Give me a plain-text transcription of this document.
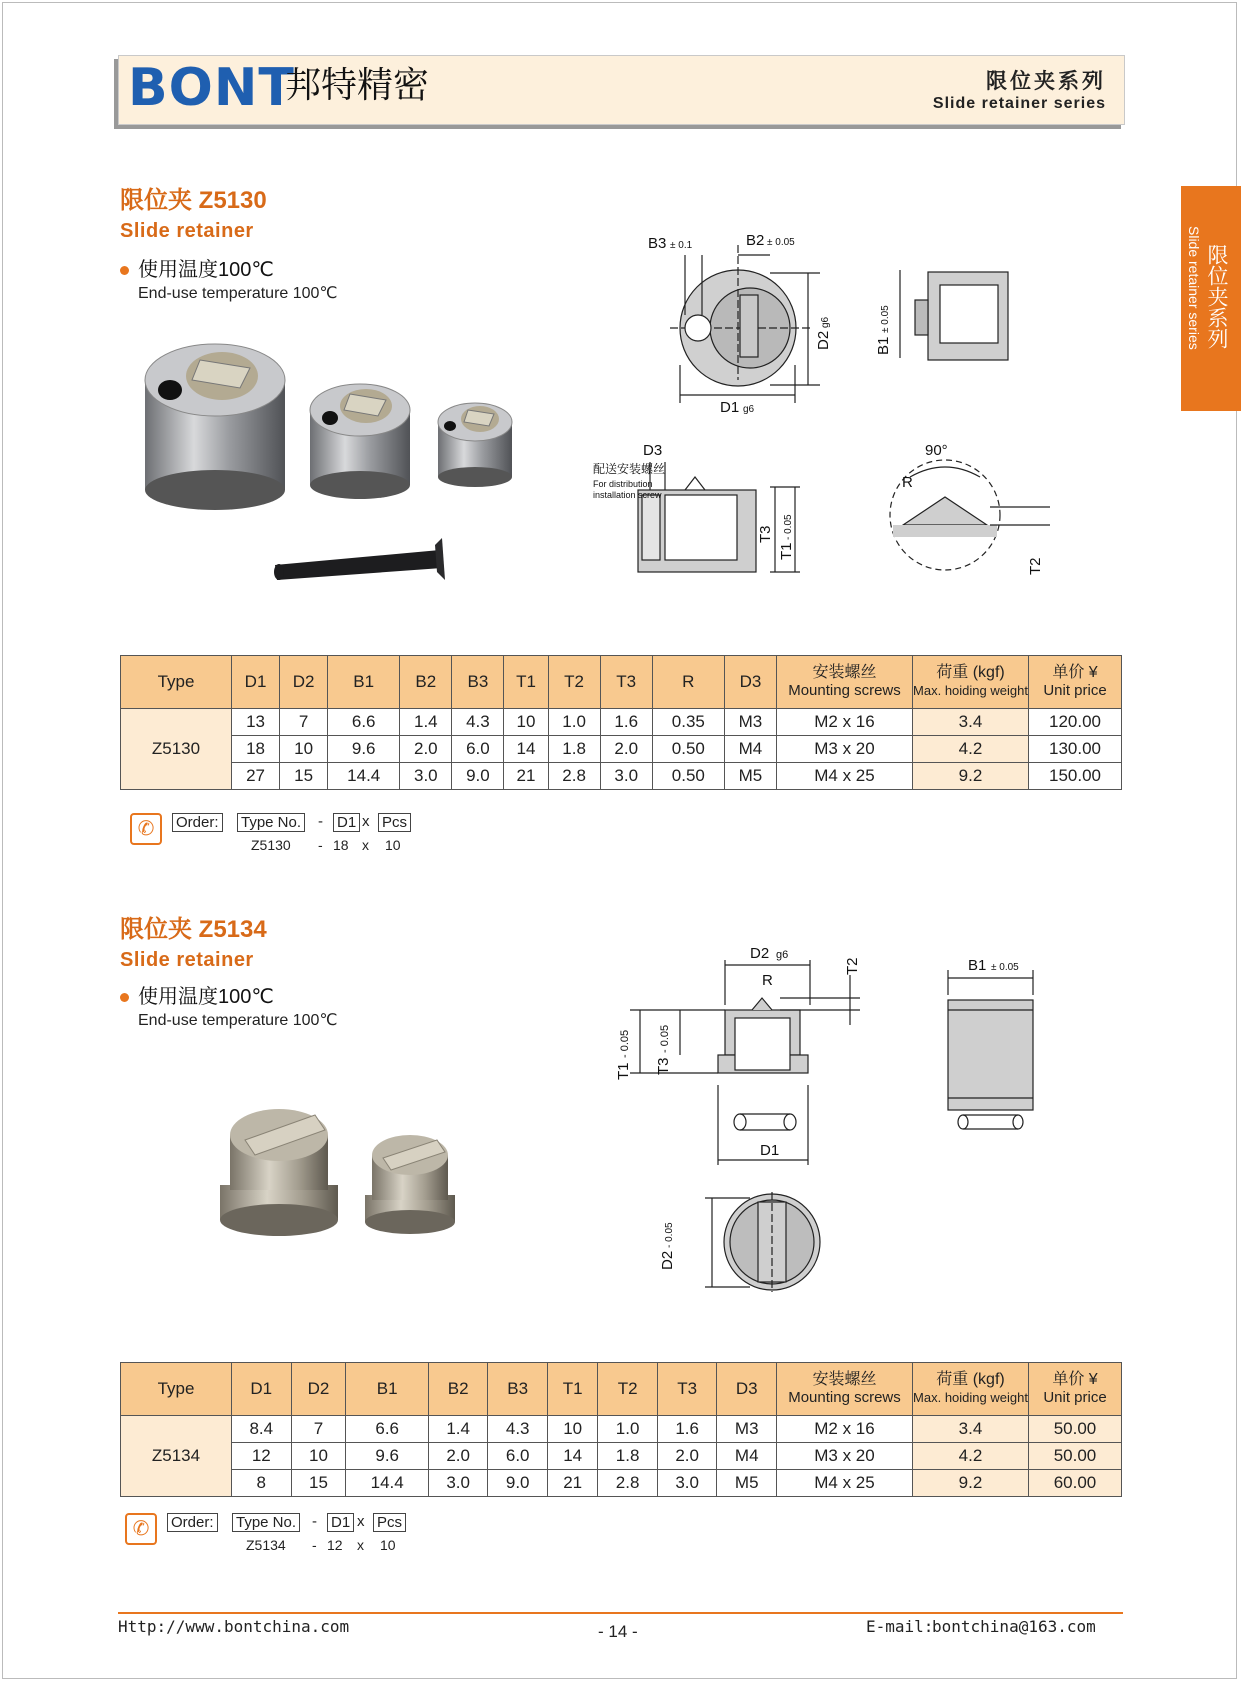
BONT
邦特精密	限位夹系列
Slide retainer series
限位夹系列
Slide retainer series
限位夹 Z5130
Slide retainer
使用温度100℃
End-use temperature 100℃
B3 ± 0.1	B2 ± 0.05
D1 g6
D2
g6
B1
± 0.05
T3
T1
- 0.05
D3
配送安装螺丝
For distribution
installation screw
90°
R
T2
Type	D1	D2	B1	B2	B3	T1	T2	T3	R	D3	安装螺丝
Mounting screws	荷重 (kgf)
Max. hoiding weight	单价 ¥
Unit price

Z5130	13	7	6.6	1.4	4.3	10	1.0	1.6	0.35	M3	M2 x 16	3.4	120.00
	18	10	9.6	2.0	6.0	14	1.8	2.0	0.50	M4	M3 x 20	4.2	130.00
	27	15	14.4	3.0	9.0	21	2.8	3.0	0.50	M5	M4 x 25	9.2	150.00
✆	Order: Type No. - D1 x Pcs
Z5130 - 18 x 10
限位夹 Z5134
Slide retainer
使用温度100℃
End-use temperature 100℃
D2 g6
R
T2
T1
- 0.05
T3
- 0.05
D1
B1 ± 0.05
D2
- 0.05
Type	D1	D2	B1	B2	B3	T1	T2	T3	D3	安装螺丝
Mounting screws	荷重 (kgf)
Max. hoiding weight	单价 ¥
Unit price

Z5134	8.4	7	6.6	1.4	4.3	10	1.0	1.6	M3	M2 x 16	3.4	50.00
	12	10	9.6	2.0	6.0	14	1.8	2.0	M4	M3 x 20	4.2	50.00
	8	15	14.4	3.0	9.0	21	2.8	3.0	M5	M4 x 25	9.2	60.00
✆	Order: Type No. - D1 x Pcs
Z5134 - 12 x 10
Http://www.bontchina.com	- 14 -	E-mail:
bontchina@163.com
